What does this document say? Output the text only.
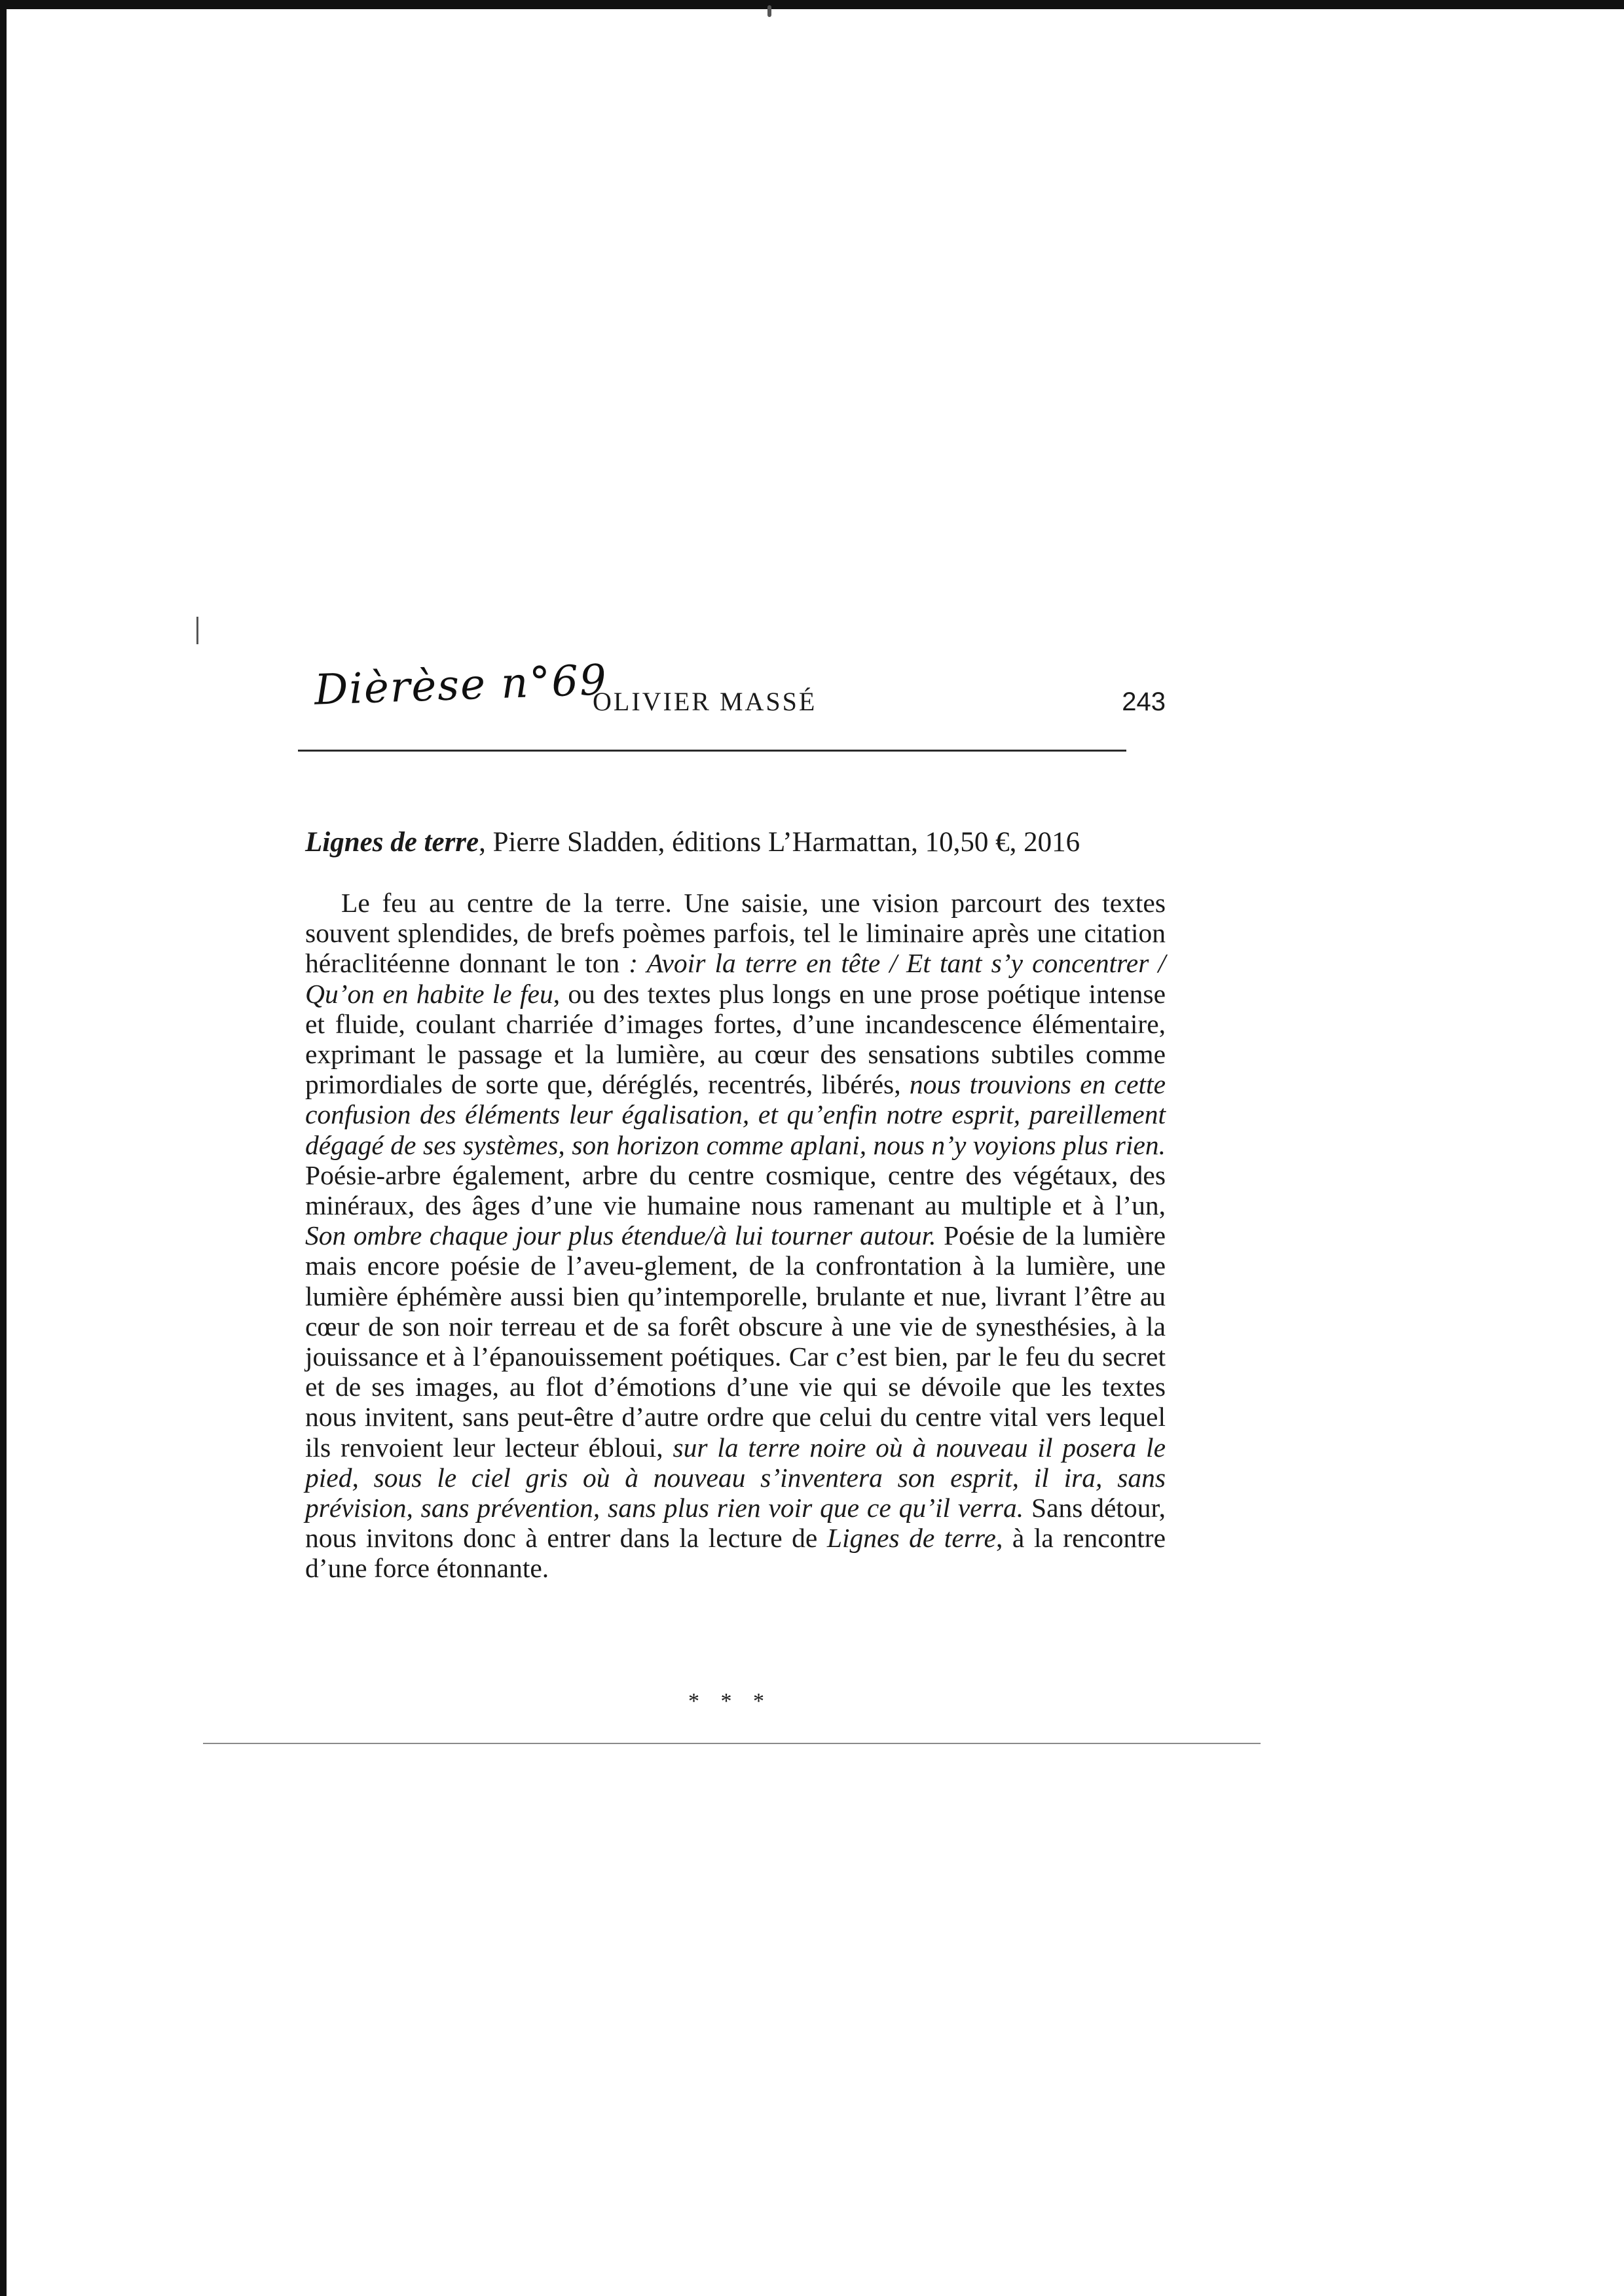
Dièrèse n°69
OLIVIER MASSÉ	243
Lignes de terre, Pierre Sladden, éditions L’Harmattan, 10,50 €, 2016

Le feu au centre de la terre. Une saisie, une vision parcourt des textes souvent splendides, de brefs poèmes parfois, tel le liminaire après une citation héraclitéenne donnant le ton : Avoir la terre en tête / Et tant s’y concentrer / Qu’on en habite le feu, ou des textes plus longs en une prose poétique intense et fluide, coulant charriée d’images fortes, d’une incandescence élémentaire, exprimant le passage et la lumière, au cœur des sensations subtiles comme primordiales de sorte que, déréglés, recentrés, libérés, nous trouvions en cette confusion des éléments leur égalisation, et qu’enfin notre esprit, pareillement dégagé de ses systèmes, son horizon comme aplani, nous n’y voyions plus rien. Poésie-arbre également, arbre du centre cosmique, centre des végétaux, des minéraux, des âges d’une vie humaine nous ramenant au multiple et à l’un, Son ombre chaque jour plus étendue/à lui tourner autour. Poésie de la lumière mais encore poésie de l’aveu-glement, de la confrontation à la lumière, une lumière éphémère aussi bien qu’intemporelle, brulante et nue, livrant l’être au cœur de son noir terreau et de sa forêt obscure à une vie de synesthésies, à la jouissance et à l’épanouissement poétiques. Car c’est bien, par le feu du secret et de ses images, au flot d’émotions d’une vie qui se dévoile que les textes nous invitent, sans peut-être d’autre ordre que celui du centre vital vers lequel ils renvoient leur lecteur ébloui, sur la terre noire où à nouveau il posera le pied, sous le ciel gris où à nouveau s’inventera son esprit, il ira, sans prévision, sans prévention, sans plus rien voir que ce qu’il verra. Sans détour, nous invitons donc à entrer dans la lecture de Lignes de terre, à la rencontre d’une force étonnante.

* * *
